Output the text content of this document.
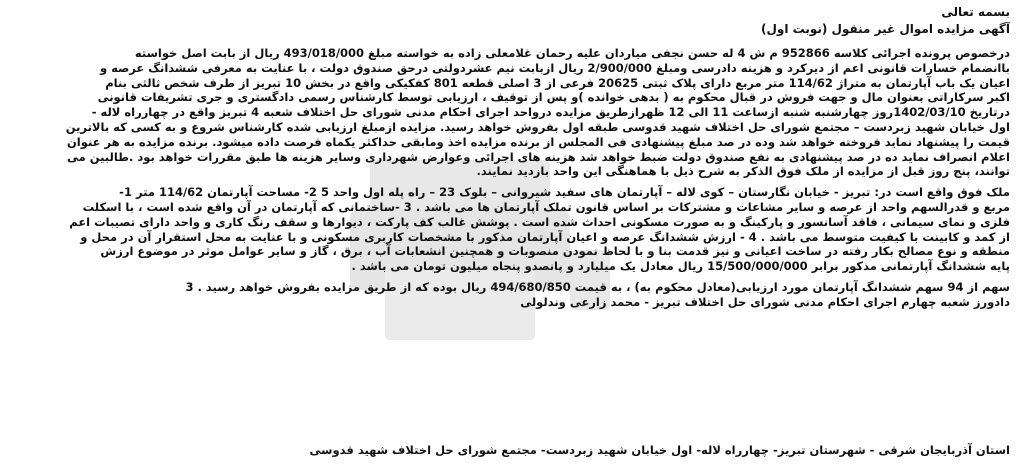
بسمه تعالی
آگهی مزایده اموال غیر منقول (نوبت اول)
درخصوص پرونده اجرائی کلاسه 952866 م ش 4 له حسن نجفی میاردان علیه رحمان غلامعلی زاده به خواسته مبلغ 493/018/000 ریال از بابت اصل خواسته
باانضمام خسارات قانونی اعم از دیرکرد و هزینه دادرسی ومبلغ 2/900/000 ریال ازبابت نیم عشردولتی درحق صندوق دولت ، با عنایت به معرفی ششدانگ عرصه و
اعیان یک باب آپارتمان به متراژ 114/62 متر مربع دارای پلاک ثبتی 20625 فرعی از 3 اصلی قطعه 801 کفکیکی واقع در بخش 10 تبریز از طرف شخص ثالثی بنام
اکبر سرکاراتی بعنوان مال و جهت فروش در قبال محکوم به ( بدهی خوانده )و پس از توقیف ، ارزیابی توسط کارشناس رسمی دادگستری و جری تشریفات قانونی
درتاریخ 1402/03/10روز چهارشنبه شنبه ازساعت 11 الی 12 ظهرازطریق مزایده درواحد اجرای احکام مدنی شورای حل اختلاف شعبه 4 تبریز واقع در چهارراه لاله -
اول خیابان شهید زبردست – مجتمع شورای حل اختلاف شهید قدوسی طبقه اول بفروش خواهد رسید. مزایده ازمبلغ ارزیابی شده کارشناس شروع و به کسی که بالاترین
قیمت را پیشنهاد نماید فروخته خواهد شد وده در صد مبلغ پیشنهادی فی المجلس از برنده مزایده اخذ ومابقی حداکثر یکماه فرصت داده میشود. برنده مزایده به هر عنوان
اعلام انصراف نماید ده در صد پیشنهادی به نفع صندوق دولت ضبط خواهد شد هزینه های اجرائی وعوارض شهرداری وسایر هزینه ها طبق مقررات خواهد بود .طالبین می
توانند، پنج روز قبل از مزایده از ملک فوق الذکر به شرح ذیل با هماهنگی این واحد بازدید نمایند.
ملک فوق واقع است در: تبریز - خیابان نگارستان – کوی لاله – آپارتمان های سفید شیروانی – بلوک 23 – راه پله اول واحد 5 2- مساحت آپارتمان 114/62 متر 1-
مربع و قدرالسهم واحد از عرصه و سایر مشاعات و مشترکات بر اساس قانون تملک آپارتمان ها می باشد . 3 -ساختمانی که آپارتمان در آن واقع شده است ، با اسکلت
فلزی و نمای سیمانی ، فاقد آسانسور و پارکینگ و به صورت مسکونی احداث شده است . پوشش غالب کف پارکت ، دیوارها و سقف رنگ کاری و واحد دارای تصیبات اعم
از کمد و کابینت با کیفیت متوسط می باشد . 4 - ارزش ششدانگ عرصه و اعیان آپارتمان مذکور با مشخصات کاربری مسکونی و با عنایت به محل استقرار آن در محل و
منطقه و نوع مصالح بکار رفته در ساخت اعیانی و نیز قدمت بنا و با لحاظ نمودن منصوبات و همچنین انشعابات آب ، برق ، گاز و سایر عوامل موثر در موضوع ارزش
پایه ششدانگ آپارتمانی مذکور برابر 15/500/000/000 ریال معادل یک میلیارد و پانصدو پنجاه میلیون تومان می باشد .
سهم از 94 سهم ششدانگ آپارتمان مورد ارزیابی(معادل محکوم به) ، به قیمت 494/680/850 ریال بوده که از طریق مزایده بفروش خواهد رسید . 3
دادورز شعبه چهارم اجرای احکام مدنی شورای حل اختلاف تبریز - محمد زارعی وندلولی
استان آذربایجان شرقی - شهرستان تبریز- چهارراه لاله- اول خیابان شهید زبردست- مجتمع شورای حل اختلاف شهید قدوسی
